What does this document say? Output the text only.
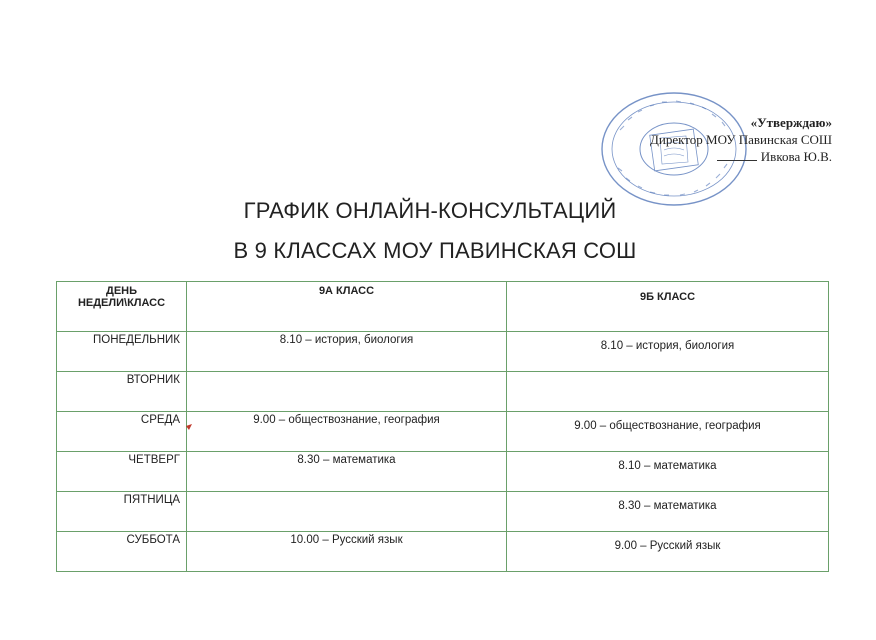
«Утверждаю»
Директор МОУ Павинская СОШ
Ивкова Ю.В.
ГРАФИК ОНЛАЙН-КОНСУЛЬТАЦИЙ
В 9 КЛАССАХ МОУ ПАВИНСКАЯ СОШ
ДЕНЬ НЕДЕЛИ\КЛАСС	9А КЛАСС	9Б КЛАСС
ПОНЕДЕЛЬНИК	8.10 – история, биология	8.10 – история, биология
ВТОРНИК		
СРЕДА	9.00 – обществознание, география	9.00 – обществознание, география
ЧЕТВЕРГ	8.30 – математика	8.10 – математика
ПЯТНИЦА		8.30 – математика
СУББОТА	10.00 – Русский язык	9.00 – Русский язык
